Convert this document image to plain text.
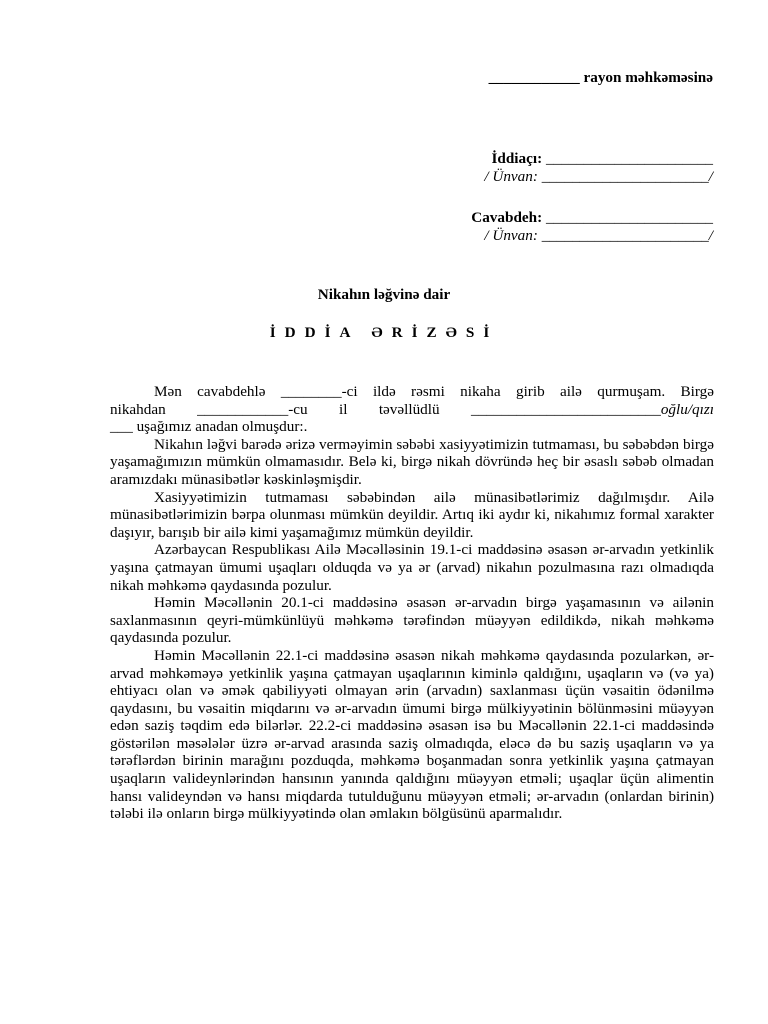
____________ rayon məhkəməsinə
İddiaçı: ______________________
/ Ünvan: ______________________/
Cavabdeh: ______________________
/ Ünvan: ______________________/
Nikahın ləğvinə dair
İDDİA ƏRİZƏSİ

Mən cavabdehlə ________-ci ildə rəsmi nikaha girib ailə qurmuşam. Birgə

nikahdan ____________-cu il təvəllüdlü _________________________oğlu/qızı

___ uşağımız anadan olmuşdur:.

Nikahın ləğvi barədə ərizə verməyimin səbəbi xasiyyətimizin tutmaması, bu səbəbdən birgə yaşamağımızın mümkün olmamasıdır. Belə ki, birgə nikah dövründə heç bir əsaslı səbəb olmadan aramızdakı münasibətlər kəskinləşmişdir.

Xasiyyətimizin tutmaması səbəbindən ailə münasibətlərimiz dağılmışdır. Ailə münasibətlərimizin bərpa olunması mümkün deyildir. Artıq iki aydır ki, nikahımız formal xarakter daşıyır, barışıb bir ailə kimi yaşamağımız mümkün deyildir.

Azərbaycan Respublikası Ailə Məcəlləsinin 19.1-ci maddəsinə əsasən ər-arvadın yetkinlik yaşına çatmayan ümumi uşaqları olduqda və ya ər (arvad) nikahın pozulmasına razı olmadıqda nikah məhkəmə qaydasında pozulur.

Həmin Məcəllənin 20.1-ci maddəsinə əsasən ər-arvadın birgə yaşamasının və ailənin saxlanmasının qeyri-mümkünlüyü məhkəmə tərəfindən müəyyən edildikdə, nikah məhkəmə qaydasında pozulur.

Həmin Məcəllənin 22.1-ci maddəsinə əsasən nikah məhkəmə qaydasında pozularkən, ər-arvad məhkəməyə yetkinlik yaşına çatmayan uşaqlarının kiminlə qaldığını, uşaqların və (və ya) ehtiyacı olan və əmək qabiliyyəti olmayan ərin (arvadın) saxlanması üçün vəsaitin ödənilmə qaydasını, bu vəsaitin miqdarını və ər-arvadın ümumi birgə mülkiyyətinin bölünməsini müəyyən edən saziş təqdim edə bilərlər. 22.2-ci maddəsinə əsasən isə bu Məcəllənin 22.1-ci maddəsində göstərilən məsələlər üzrə ər-arvad arasında saziş olmadıqda, eləcə də bu saziş uşaqların və ya tərəflərdən birinin marağını pozduqda, məhkəmə boşanmadan sonra yetkinlik yaşına çatmayan uşaqların valideynlərindən hansının yanında qaldığını müəyyən etməli; uşaqlar üçün alimentin hansı valideyndən və hansı miqdarda tutulduğunu müəyyən etməli; ər-arvadın (onlardan birinin) tələbi ilə onların birgə mülkiyyətində olan əmlakın bölgüsünü aparmalıdır.
